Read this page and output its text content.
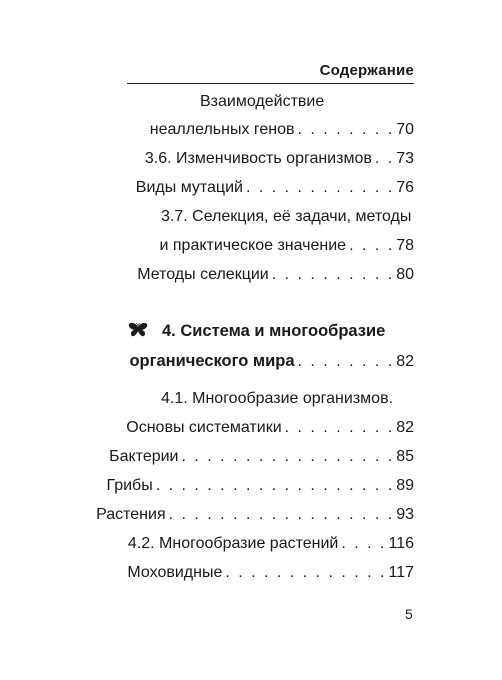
Содержание
Взаимодействие
неаллельных генов . . . . . . . . 70
3.6. Изменчивость организмов . . 73
Виды мутаций . . . . . . . . . . . . 76
3.7. Селекция, её задачи, методы
и практическое значение . . . . 78
Методы селекции . . . . . . . . . . 80
4. Система и многообразие
органического мира . . . . . . . . 82
4.1. Многообразие организмов.
Основы систематики . . . . . . . . . 82
Бактерии . . . . . . . . . . . . . . . . . 85
Грибы . . . . . . . . . . . . . . . . . . . 89
Растения . . . . . . . . . . . . . . . . . . 93
4.2. Многообразие растений . . . . 116
Моховидные . . . . . . . . . . . . . 117
5
